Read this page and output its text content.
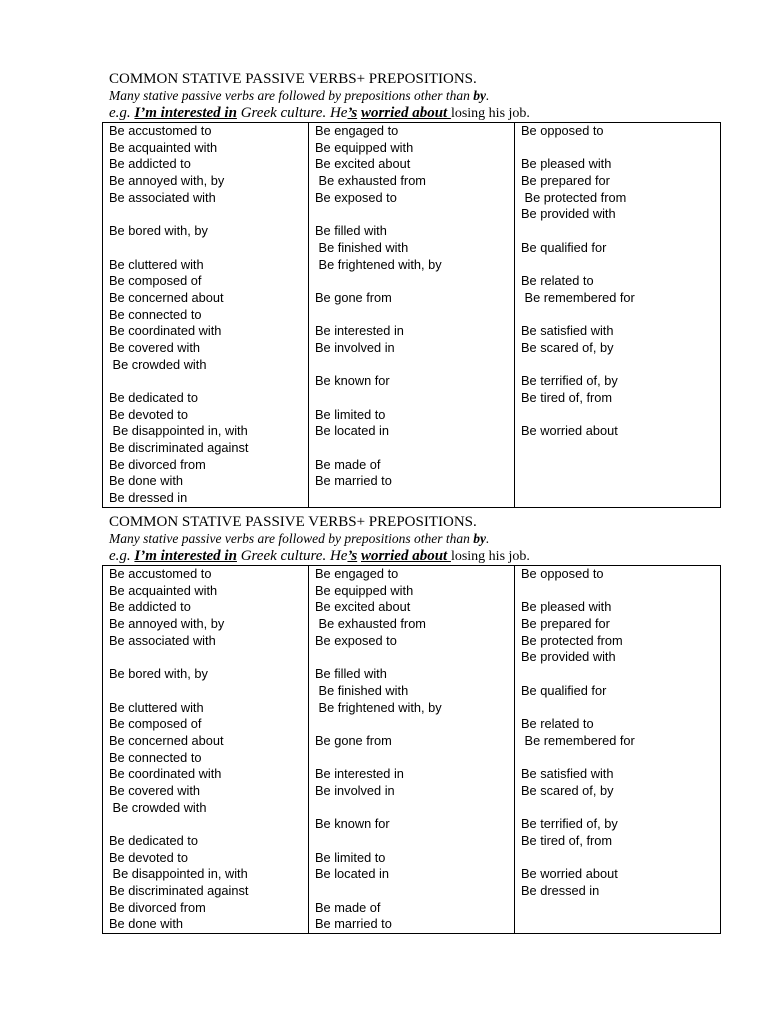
COMMON STATIVE PASSIVE VERBS+ PREPOSITIONS.
Many stative passive verbs are followed by prepositions other than by.
e.g. I’m interested in Greek culture. He’s worried about losing his job.
Be accustomed to
Be acquainted with
Be addicted to
Be annoyed with, by
Be associated with
Be bored with, by
Be cluttered with
Be composed of
Be concerned about
Be connected to
Be coordinated with
Be covered with
Be crowded with
Be dedicated to
Be devoted to
Be disappointed in, with
Be discriminated against
Be divorced from
Be done with
Be dressed in
Be engaged to
Be equipped with
Be excited about
Be exhausted from
Be exposed to
Be filled with
Be finished with
Be frightened with, by
Be gone from
Be interested in
Be involved in
Be known for
Be limited to
Be located in
Be made of
Be married to
Be opposed to
Be pleased with
Be prepared for
Be protected from
Be provided with
Be qualified for
Be related to
Be remembered for
Be satisfied with
Be scared of, by
Be terrified of, by
Be tired of, from
Be worried about
COMMON STATIVE PASSIVE VERBS+ PREPOSITIONS.
Many stative passive verbs are followed by prepositions other than by.
e.g. I’m interested in Greek culture. He’s worried about losing his job.
Be accustomed to
Be acquainted with
Be addicted to
Be annoyed with, by
Be associated with
Be bored with, by
Be cluttered with
Be composed of
Be concerned about
Be connected to
Be coordinated with
Be covered with
Be crowded with
Be dedicated to
Be devoted to
Be disappointed in, with
Be discriminated against
Be divorced from
Be done with
Be engaged to
Be equipped with
Be excited about
Be exhausted from
Be exposed to
Be filled with
Be finished with
Be frightened with, by
Be gone from
Be interested in
Be involved in
Be known for
Be limited to
Be located in
Be made of
Be married to
Be opposed to
Be pleased with
Be prepared for
Be protected from
Be provided with
Be qualified for
Be related to
Be remembered for
Be satisfied with
Be scared of, by
Be terrified of, by
Be tired of, from
Be worried about
Be dressed in
